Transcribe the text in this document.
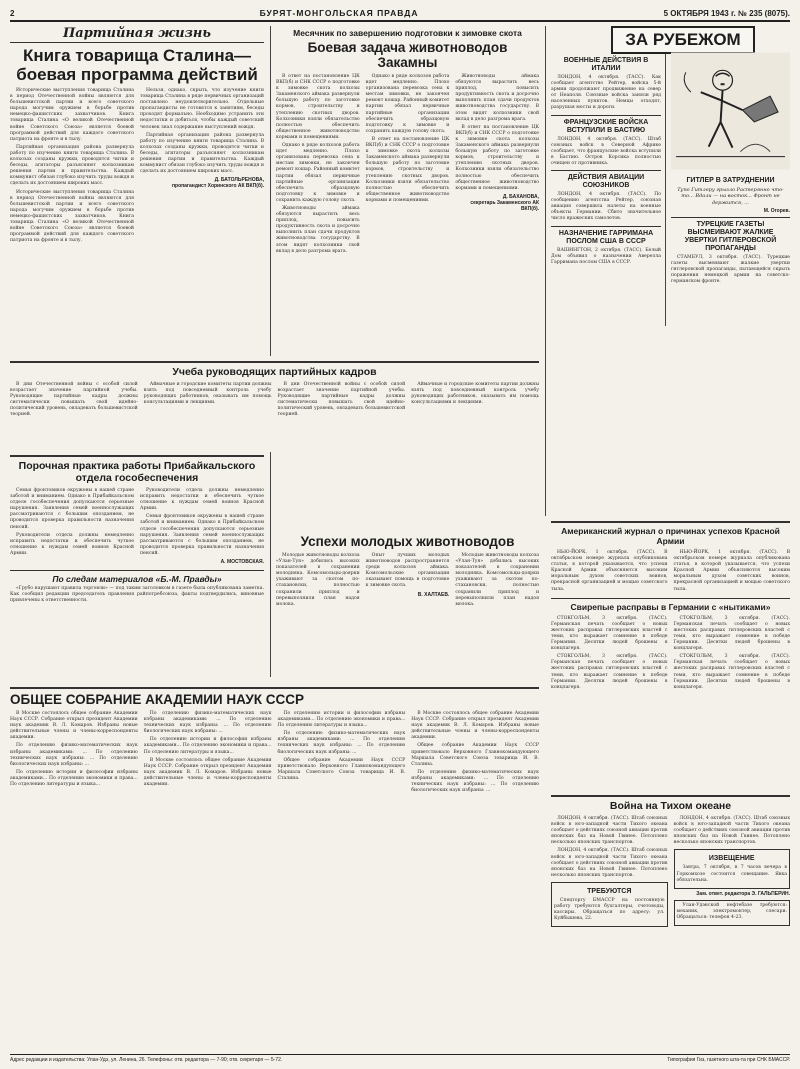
2	БУРЯТ-МОНГОЛЬСКАЯ ПРАВДА	5 ОКТЯБРЯ 1943 г. № 235 (8075).
Партийная жизнь
Книга товарища Сталина—боевая программа действий

Исторические выступления товарища Сталина в период Отечественной войны являются для большевистской партии и всего советского народа могучим оружием в борьбе против немецко-фашистских захватчиков. Книга товарища Сталина «О великой Отечественной войне Советского Союза» является боевой программой действий для каждого советского патриота на фронте и в тылу.

Партийная организация района развернула работу по изучению книги товарища Сталина. В колхозах созданы кружки, проводятся читки и беседы, агитаторы разъясняют колхозникам решения партии и правительства. Каждый коммунист обязан глубоко изучить труды вождя и сделать их достоянием широких масс.

Исторические выступления товарища Сталина в период Отечественной войны являются для большевистской партии и всего советского народа могучим оружием в борьбе против немецко-фашистских захватчиков. Книга товарища Сталина «О великой Отечественной войне Советского Союза» является боевой программой действий для каждого советского патриота на фронте и в тылу.

Нельзя, однако, скрыть, что изучение книги товарища Сталина в ряде первичных организаций поставлено неудовлетворительно. Отдельные пропагандисты не готовятся к занятиям, беседы проходят формально. Необходимо устранить эти недостатки и добиться, чтобы каждый советский человек знал содержание выступлений вождя.

Партийная организация района развернула работу по изучению книги товарища Сталина. В колхозах созданы кружки, проводятся читки и беседы, агитаторы разъясняют колхозникам решения партии и правительства. Каждый коммунист обязан глубоко изучить труды вождя и сделать их достоянием широких масс.

Д. БАТОЛЬРЕНОВА,
пропагандист Хоринского АК ВКП(б).
Месячник по завершению подготовки к зимовке скота
Боевая задача животноводов Закамны

В ответ на постановление ЦК ВКП(б) и СНК СССР о подготовке к зимовке скота колхозы Закаменского аймака развернули большую работу по заготовке кормов, строительству и утеплению скотных дворов. Колхозники взяли обязательство полностью обеспечить общественное животноводство кормами и помещениями.

Однако в ряде колхозов работа идет медленно. Плохо организована перевозка сена к местам зимовки, не закончен ремонт кошар. Районный комитет партии обязал первичные партийные организации обеспечить образцовую подготовку к зимовке и сохранить каждую голову скота.

Животноводы аймака обязуются вырастить весь приплод, повысить продуктивность скота и досрочно выполнить план сдачи продуктов животноводства государству. В этом видят колхозники свой вклад в дело разгрома врага.

Однако в ряде колхозов работа идет медленно. Плохо организована перевозка сена к местам зимовки, не закончен ремонт кошар. Районный комитет партии обязал первичные партийные организации обеспечить образцовую подготовку к зимовке и сохранить каждую голову скота.

В ответ на постановление ЦК ВКП(б) и СНК СССР о подготовке к зимовке скота колхозы Закаменского аймака развернули большую работу по заготовке кормов, строительству и утеплению скотных дворов. Колхозники взяли обязательство полностью обеспечить общественное животноводство кормами и помещениями.

Животноводы аймака обязуются вырастить весь приплод, повысить продуктивность скота и досрочно выполнить план сдачи продуктов животноводства государству. В этом видят колхозники свой вклад в дело разгрома врага.

В ответ на постановление ЦК ВКП(б) и СНК СССР о подготовке к зимовке скота колхозы Закаменского аймака развернули большую работу по заготовке кормов, строительству и утеплению скотных дворов. Колхозники взяли обязательство полностью обеспечить общественное животноводство кормами и помещениями.

Д. БАХАНОВА,
секретарь Закаменского АК ВКП(б).
ЗА РУБЕЖОМ
ВОЕННЫЕ ДЕЙСТВИЯ В ИТАЛИИ

ЛОНДОН, 4 октября. (ТАСС). Как сообщает агентство Рейтер, войска 5-й армии продолжают продвижение на север от Неаполя. Союзные войска заняли ряд населенных пунктов. Немцы отходят, разрушая мосты и дороги.

ФРАНЦУЗСКИЕ ВОЙСКА ВСТУПИЛИ В БАСТИЮ

ЛОНДОН, 4 октября. (ТАСС). Штаб союзных войск в Северной Африке сообщает, что французские войска вступили в Бастию. Остров Корсика полностью очищен от противника.

ДЕЙСТВИЯ АВИАЦИИ СОЮЗНИКОВ

ЛОНДОН, 4 октября. (ТАСС). По сообщению агентства Рейтер, союзная авиация совершила налеты на военные объекты Германии. Сбито значительное число вражеских самолетов.

НАЗНАЧЕНИЕ ГАРРИМАНА ПОСЛОМ США В СССР

ВАШИНГТОН, 2 октября. (ТАСС). Белый Дом объявил о назначении Аверелла Гарримана послом США в СССР.

ГИТЛЕР В ЗАТРУДНЕНИИ
Тупо Гитлеру грызло Растерянно что-то... Вдали — на восток... Фронт не держится, ...
М. Огорев.
ТУРЕЦКИЕ ГАЗЕТЫ ВЫСМЕИВАЮТ ЖАЛКИЕ УВЕРТКИ ГИТЛЕРОВСКОЙ ПРОПАГАНДЫ

СТАМБУЛ, 3 октября. (ТАСС). Турецкие газеты высмеивают жалкие увертки гитлеровской пропаганды, пытающейся скрыть поражения немецкой армии на советско-германском фронте.

Учеба руководящих партийных кадров

В дни Отечественной войны с особой силой возрастает значение партийной учебы. Руководящие партийные кадры должны систематически повышать свой идейно-политический уровень, овладевать большевистской теорией.

Аймачные и городские комитеты партии должны взять под повседневный контроль учебу руководящих работников, оказывать им помощь консультациями и лекциями.

В дни Отечественной войны с особой силой возрастает значение партийной учебы. Руководящие партийные кадры должны систематически повышать свой идейно-политический уровень, овладевать большевистской теорией.

Аймачные и городские комитеты партии должны взять под повседневный контроль учебу руководящих работников, оказывать им помощь консультациями и лекциями.

Порочная практика работы Прибайкальского отдела гособеспечения

Семьи фронтовиков окружены в нашей стране заботой и вниманием. Однако в Прибайкальском отделе гособеспечения допускаются серьезные нарушения. Заявления семей военнослужащих рассматриваются с большим опозданием, не проводится проверка правильности назначения пенсий.

Руководители отдела должны немедленно исправить недостатки и обеспечить чуткое отношение к нуждам семей воинов Красной Армии.

Руководители отдела должны немедленно исправить недостатки и обеспечить чуткое отношение к нуждам семей воинов Красной Армии.

Семьи фронтовиков окружены в нашей стране заботой и вниманием. Однако в Прибайкальском отделе гособеспечения допускаются серьезные нарушения. Заявления семей военнослужащих рассматриваются с большим опозданием, не проводится проверка правильности назначения пенсий.

А. МОСТОВСКАЯ.
По следам материалов «Б.-М. Правды»

«Грубо нарушают правила торговли» — под таким заголовком в газете была опубликована заметка. Как сообщил редакции председатель правления райпотребсоюза, факты подтвердились, виновные привлечены к ответственности.

Успехи молодых животноводов

Молодые животноводы колхоза «Улан-Туя» добились высоких показателей в сохранении молодняка. Комсомольцы-доярки ухаживают за скотом по-стахановски, полностью сохранили приплод и перевыполнили план надоя молока.

Опыт лучших молодых животноводов распространяется среди колхозов аймака. Комсомольские организации оказывают помощь в подготовке к зимовке скота.

В. ХАЛТАЕВ.

Молодые животноводы колхоза «Улан-Туя» добились высоких показателей в сохранении молодняка. Комсомольцы-доярки ухаживают за скотом по-стахановски, полностью сохранили приплод и перевыполнили план надоя молока.

Американский журнал о причинах успехов Красной Армии

НЬЮ-ЙОРК, 1 октября. (ТАСС). В октябрьском номере журнала опубликована статья, в которой указывается, что успехи Красной Армии объясняются высоким моральным духом советских воинов, прекрасной организацией и мощью советского тыла.

НЬЮ-ЙОРК, 1 октября. (ТАСС). В октябрьском номере журнала опубликована статья, в которой указывается, что успехи Красной Армии объясняются высоким моральным духом советских воинов, прекрасной организацией и мощью советского тыла.

Свирепые расправы в Германии с «нытиками»

СТОКГОЛЬМ, 3 октября. (ТАСС). Германская печать сообщает о новых жестоких расправах гитлеровских властей с теми, кто выражает сомнение в победе Германии. Десятки людей брошены в концлагеря.

СТОКГОЛЬМ, 3 октября. (ТАСС). Германская печать сообщает о новых жестоких расправах гитлеровских властей с теми, кто выражает сомнение в победе Германии. Десятки людей брошены в концлагеря.

СТОКГОЛЬМ, 3 октября. (ТАСС). Германская печать сообщает о новых жестоких расправах гитлеровских властей с теми, кто выражает сомнение в победе Германии. Десятки людей брошены в концлагеря.

СТОКГОЛЬМ, 3 октября. (ТАСС). Германская печать сообщает о новых жестоких расправах гитлеровских властей с теми, кто выражает сомнение в победе Германии. Десятки людей брошены в концлагеря.

ОБЩЕЕ СОБРАНИЕ АКАДЕМИИ НАУК СССР

В Москве состоялось общее собрание Академии Наук СССР. Собрание открыл президент Академии наук академик В. Л. Комаров. Избраны новые действительные члены и члены-корреспонденты академии.

По отделению физико-математических наук избраны академиками: ... По отделению технических наук избраны: ... По отделению биологических наук избраны: ...

По отделению истории и философии избраны академиками... По отделению экономики и права... По отделению литературы и языка...

По отделению физико-математических наук избраны академиками: ... По отделению технических наук избраны: ... По отделению биологических наук избраны: ...

По отделению истории и философии избраны академиками... По отделению экономики и права... По отделению литературы и языка...

В Москве состоялось общее собрание Академии Наук СССР. Собрание открыл президент Академии наук академик В. Л. Комаров. Избраны новые действительные члены и члены-корреспонденты академии.

По отделению истории и философии избраны академиками... По отделению экономики и права... По отделению литературы и языка...

По отделению физико-математических наук избраны академиками: ... По отделению технических наук избраны: ... По отделению биологических наук избраны: ...

Общее собрание Академии Наук СССР приветствовало Верховного Главнокомандующего Маршала Советского Союза товарища И. В. Сталина.

В Москве состоялось общее собрание Академии Наук СССР. Собрание открыл президент Академии наук академик В. Л. Комаров. Избраны новые действительные члены и члены-корреспонденты академии.

Общее собрание Академии Наук СССР приветствовало Верховного Главнокомандующего Маршала Советского Союза товарища И. В. Сталина.

По отделению физико-математических наук избраны академиками: ... По отделению технических наук избраны: ... По отделению биологических наук избраны: ...

Война на Тихом океане

ЛОНДОН, 4 октября. (ТАСС). Штаб союзных войск в юго-западной части Тихого океана сообщает о действиях союзной авиации против японских баз на Новой Гвинее. Потоплено несколько японских транспортов.

ЛОНДОН, 4 октября. (ТАСС). Штаб союзных войск в юго-западной части Тихого океана сообщает о действиях союзной авиации против японских баз на Новой Гвинее. Потоплено несколько японских транспортов.

ТРЕБУЮТСЯ

Спецторгу БМАССР на постоянную работу требуются бухгалтеры, счетоводы, кассиры. Обращаться по адресу: ул. Куйбышева, 22.

ЛОНДОН, 4 октября. (ТАСС). Штаб союзных войск в юго-западной части Тихого океана сообщает о действиях союзной авиации против японских баз на Новой Гвинее. Потоплено несколько японских транспортов.

ИЗВЕЩЕНИЕ

Завтра, 7 октября, в 7 часов вечера в Горкомхозе состоится совещание. Явка обязательна.

Зам. ответ. редактора Э. ГАЛЬПЕРИН.

Улан-Удэнской нефтебазе требуются: механик, электромонтер, слесари. Обращаться: телефон 4-23.

Адрес редакции и издательства: Улан-Удэ, ул. Ленина, 26. Телефоны: отв. редактора — 7-90; отв. секретаря — 5-72.	Типография Гиз, газетного шта-та при СНК БМАССР.
